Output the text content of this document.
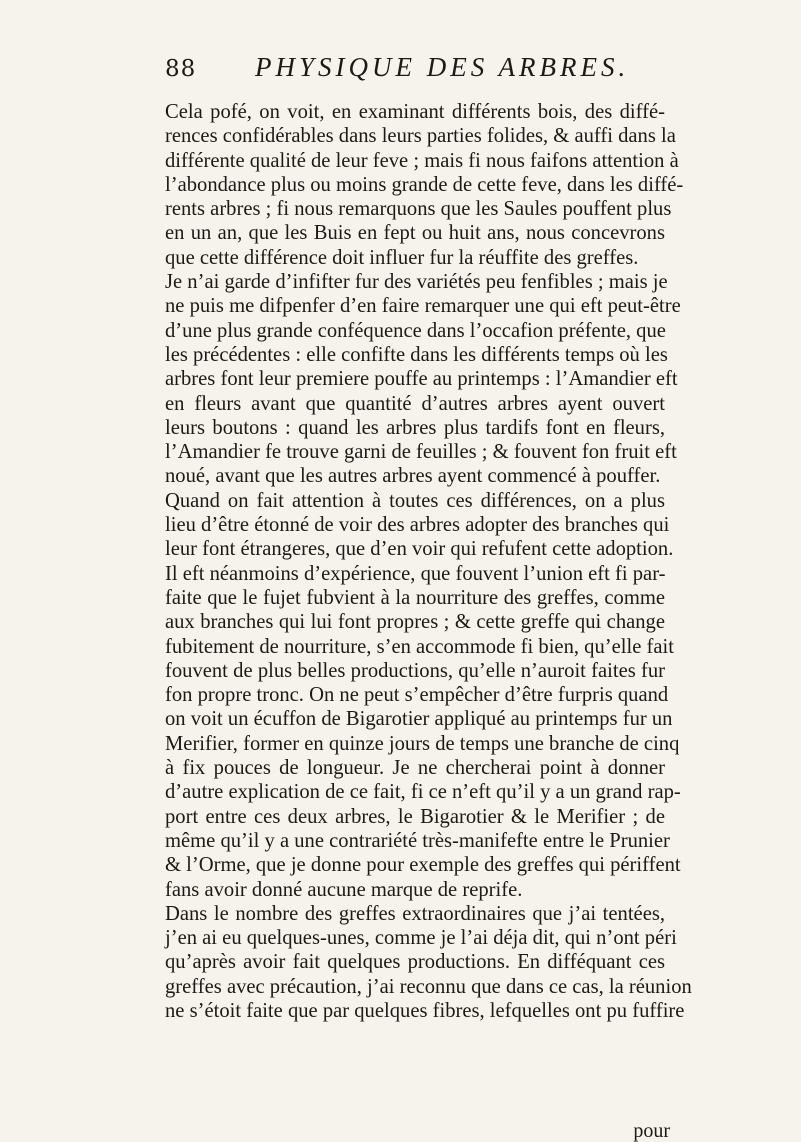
88 PHYSIQUE DES ARBRES.
Cela pofé, on voit, en examinant différents bois, des diffé-
rences confidérables dans leurs parties folides, & auffi dans la
différente qualité de leur feve ; mais fi nous faifons attention à
l’abondance plus ou moins grande de cette feve, dans les diffé-
rents arbres ; fi nous remarquons que les Saules pouffent plus
en un an, que les Buis en fept ou huit ans, nous concevrons
que cette différence doit influer fur la réuffite des greffes.
Je n’ai garde d’infifter fur des variétés peu fenfibles ; mais je
ne puis me difpenfer d’en faire remarquer une qui eft peut-être
d’une plus grande conféquence dans l’occafion préfente, que
les précédentes : elle confifte dans les différents temps où les
arbres font leur premiere pouffe au printemps : l’Amandier eft
en fleurs avant que quantité d’autres arbres ayent ouvert
leurs boutons : quand les arbres plus tardifs font en fleurs,
l’Amandier fe trouve garni de feuilles ; & fouvent fon fruit eft
noué, avant que les autres arbres ayent commencé à pouffer.
Quand on fait attention à toutes ces différences, on a plus
lieu d’être étonné de voir des arbres adopter des branches qui
leur font étrangeres, que d’en voir qui refufent cette adoption.
Il eft néanmoins d’expérience, que fouvent l’union eft fi par-
faite que le fujet fubvient à la nourriture des greffes, comme
aux branches qui lui font propres ; & cette greffe qui change
fubitement de nourriture, s’en accommode fi bien, qu’elle fait
fouvent de plus belles productions, qu’elle n’auroit faites fur
fon propre tronc. On ne peut s’empêcher d’être furpris quand
on voit un écuffon de Bigarotier appliqué au printemps fur un
Merifier, former en quinze jours de temps une branche de cinq
à fix pouces de longueur. Je ne chercherai point à donner
d’autre explication de ce fait, fi ce n’eft qu’il y a un grand rap-
port entre ces deux arbres, le Bigarotier & le Merifier ; de
même qu’il y a une contrariété très-manifefte entre le Prunier
& l’Orme, que je donne pour exemple des greffes qui périffent
fans avoir donné aucune marque de reprife.
Dans le nombre des greffes extraordinaires que j’ai tentées,
j’en ai eu quelques-unes, comme je l’ai déja dit, qui n’ont péri
qu’après avoir fait quelques productions. En difféquant ces
greffes avec précaution, j’ai reconnu que dans ce cas, la réunion
ne s’étoit faite que par quelques fibres, lefquelles ont pu fuffire
pour
